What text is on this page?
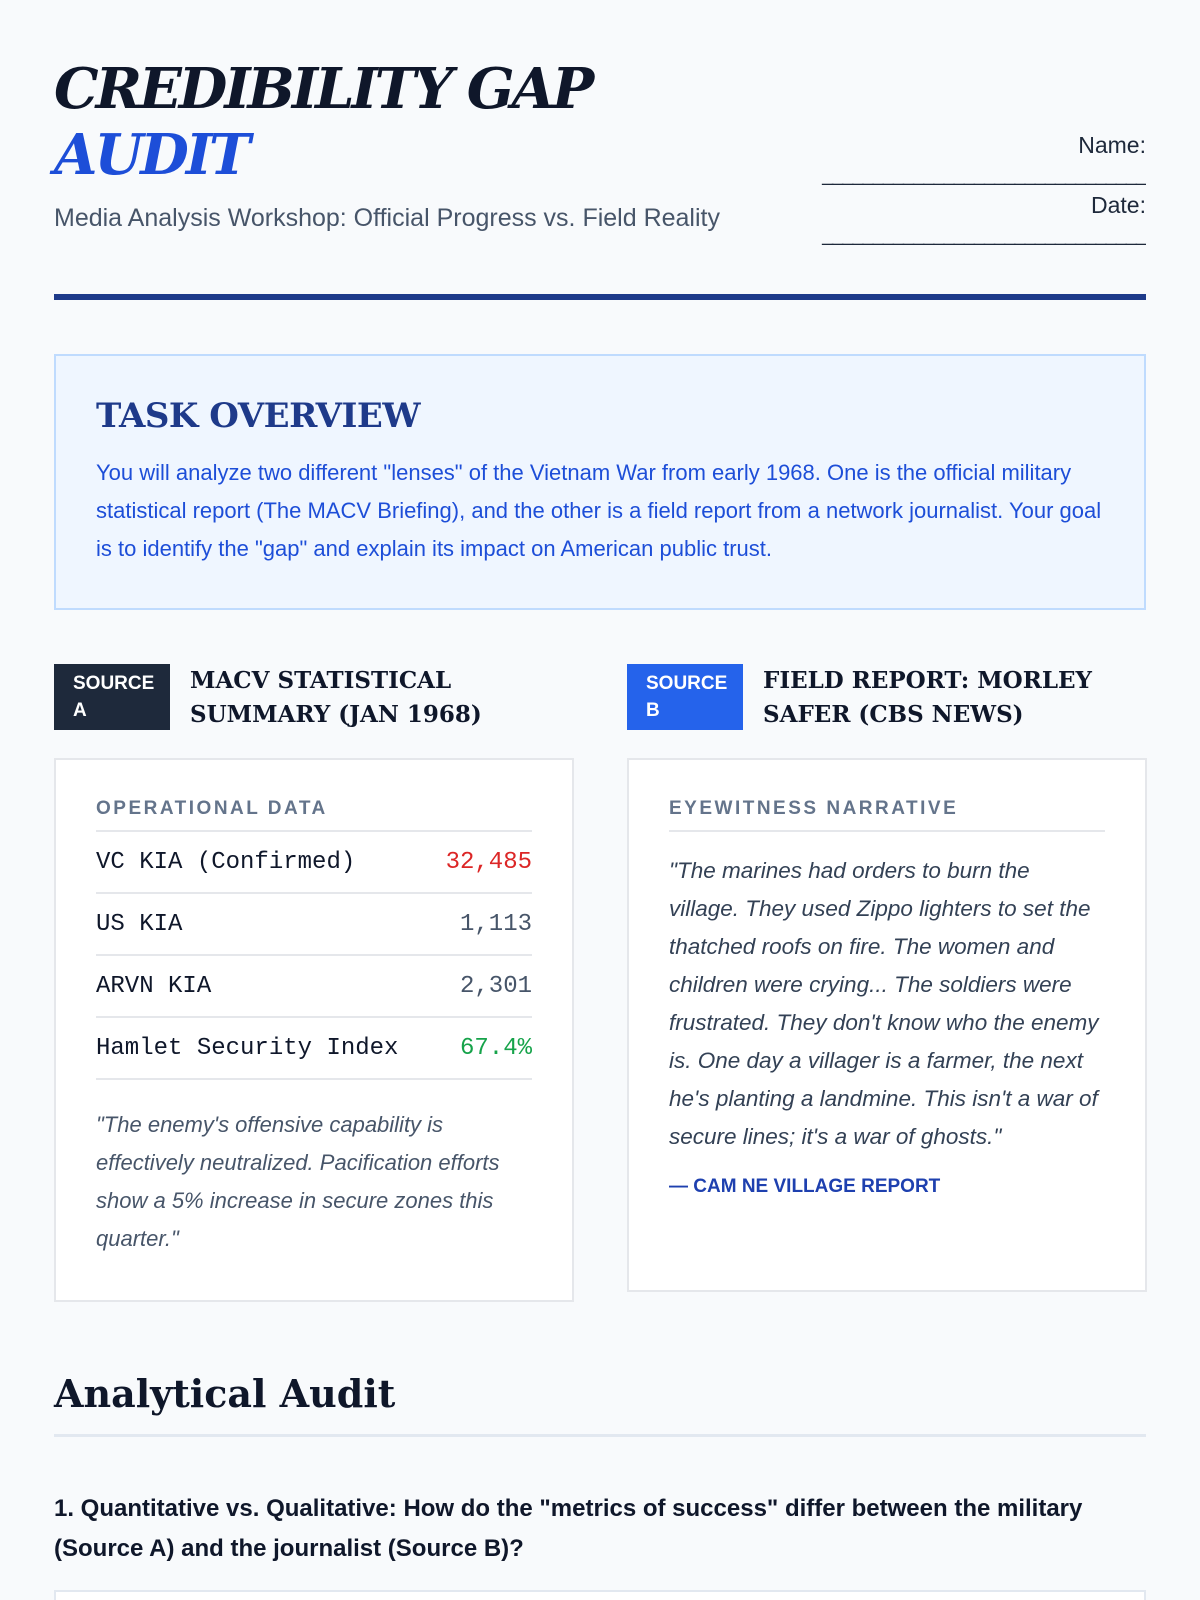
CREDIBILITY GAP
AUDIT
Media Analysis Workshop: Official Progress vs. Field Reality
Name:
________________________________
Date:
________________________________
TASK OVERVIEW

You will analyze two different "lenses" of the Vietnam War from early 1968. One is the official military statistical report (The MACV Briefing), and the other is a field report from a network journalist. Your goal is to identify the "gap" and explain its impact on American public trust.

SOURCE A
MACV STATISTICAL SUMMARY (JAN 1968)
OPERATIONAL DATA
VC KIA (Confirmed)	32,485
US KIA	1,113
ARVN KIA	2,301
Hamlet Security Index	67.4%
"The enemy's offensive capability is effectively neutralized. Pacification efforts show a 5% increase in secure zones this quarter."
SOURCE B
FIELD REPORT: MORLEY SAFER (CBS NEWS)
EYEWITNESS NARRATIVE
"The marines had orders to burn the village. They used Zippo lighters to set the thatched roofs on fire. The women and children were crying... The soldiers were frustrated. They don't know who the enemy is. One day a villager is a farmer, the next he's planting a landmine. This isn't a war of secure lines; it's a war of ghosts."
— CAM NE VILLAGE REPORT
Analytical Audit
1. Quantitative vs. Qualitative: How do the "metrics of success" differ between the military (Source A) and the journalist (Source B)?
